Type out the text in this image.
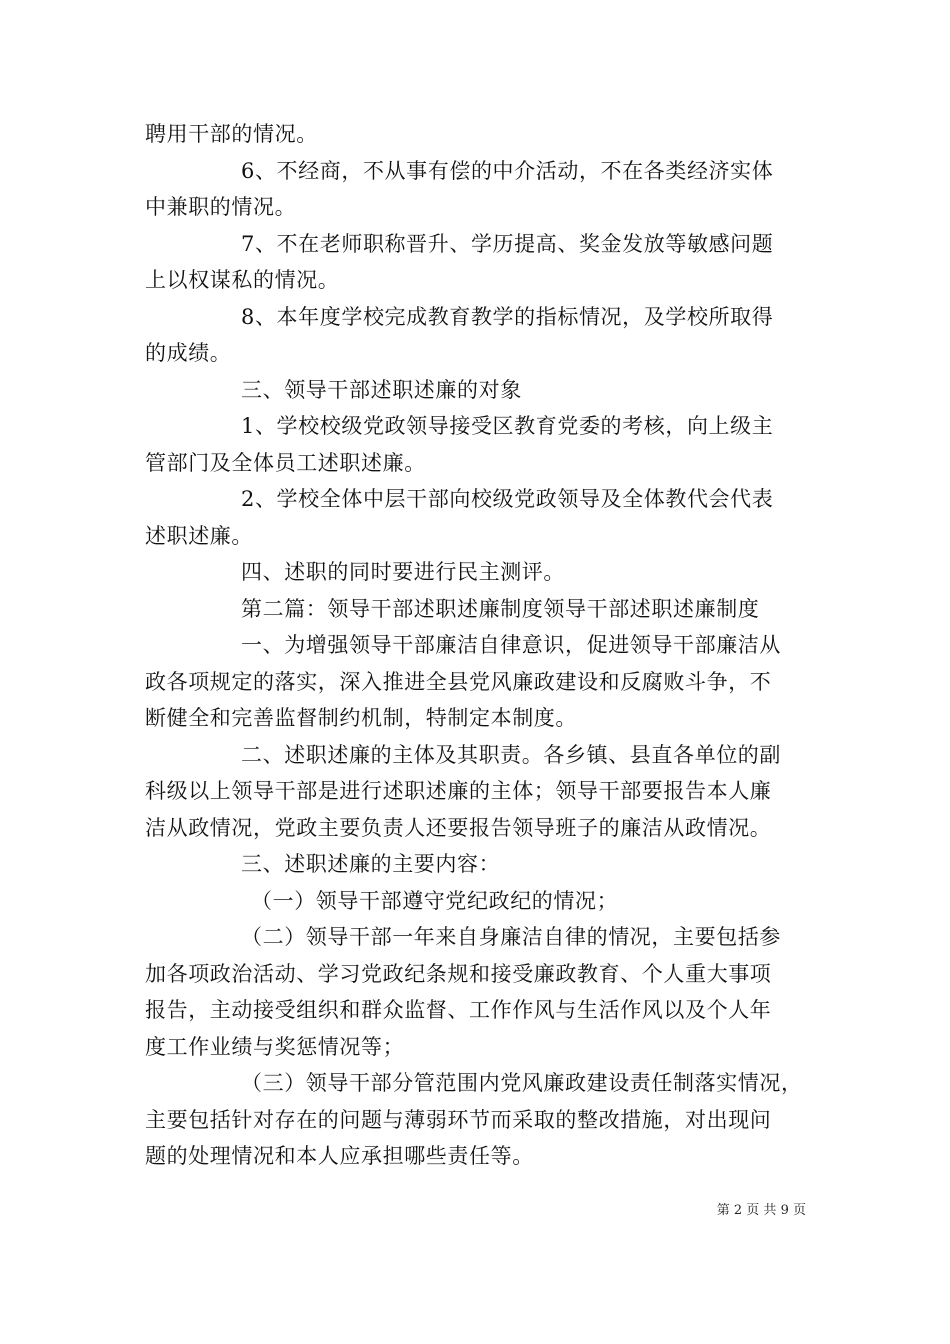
聘用干部的情况。
6、不经商，不从事有偿的中介活动，不在各类经济实体
中兼职的情况。
7、不在老师职称晋升、学历提高、奖金发放等敏感问题
上以权谋私的情况。
8、本年度学校完成教育教学的指标情况，及学校所取得
的成绩。
三、领导干部述职述廉的对象
1、学校校级党政领导接受区教育党委的考核，向上级主
管部门及全体员工述职述廉。
2、学校全体中层干部向校级党政领导及全体教代会代表
述职述廉。
四、述职的同时要进行民主测评。
第二篇：领导干部述职述廉制度领导干部述职述廉制度
一、为增强领导干部廉洁自律意识，促进领导干部廉洁从
政各项规定的落实，深入推进全县党风廉政建设和反腐败斗争，不
断健全和完善监督制约机制，特制定本制度。
二、述职述廉的主体及其职责。各乡镇、县直各单位的副
科级以上领导干部是进行述职述廉的主体；领导干部要报告本人廉
洁从政情况，党政主要负责人还要报告领导班子的廉洁从政情况。
三、述职述廉的主要内容：
（一）领导干部遵守党纪政纪的情况；
（二）领导干部一年来自身廉洁自律的情况，主要包括参
加各项政治活动、学习党政纪条规和接受廉政教育、个人重大事项
报告，主动接受组织和群众监督、工作作风与生活作风以及个人年
度工作业绩与奖惩情况等；
（三）领导干部分管范围内党风廉政建设责任制落实情况，
主要包括针对存在的问题与薄弱环节而采取的整改措施，对出现问
题的处理情况和本人应承担哪些责任等。
第 2 页 共 9 页
